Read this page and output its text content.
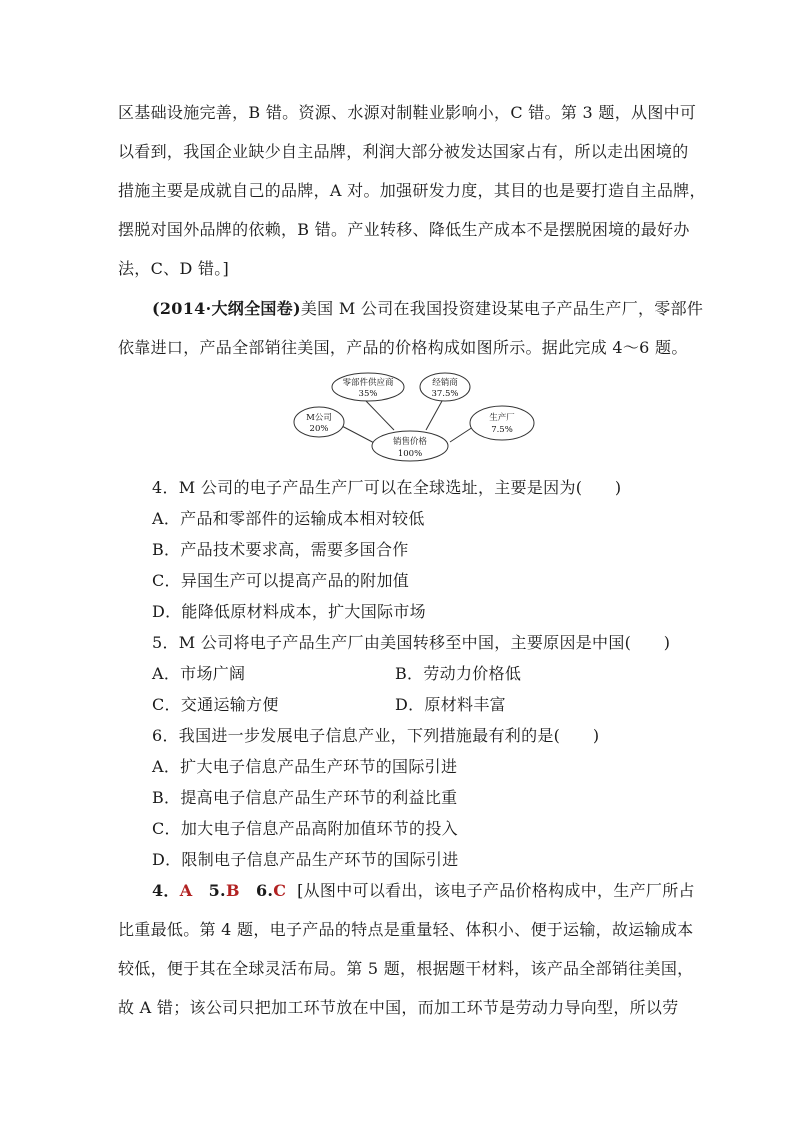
区基础设施完善，B 错。资源、水源对制鞋业影响小，C 错。第 3 题，从图中可
以看到，我国企业缺少自主品牌，利润大部分被发达国家占有，所以走出困境的
措施主要是成就自己的品牌，A 对。加强研发力度，其目的也是要打造自主品牌，
摆脱对国外品牌的依赖，B 错。产业转移、降低生产成本不是摆脱困境的最好办
法，C、D 错。]
(2014·大纲全国卷)美国 M 公司在我国投资建设某电子产品生产厂，零部件
依靠进口，产品全部销往美国，产品的价格构成如图所示。据此完成 4～6 题。
零部件供应商
35%
经销商
37.5%
M公司
20%
生产厂
7.5%
销售价格
100%
4．M 公司的电子产品生产厂可以在全球选址，主要是因为(　　)
A．产品和零部件的运输成本相对较低
B．产品技术要求高，需要多国合作
C．异国生产可以提高产品的附加值
D．能降低原材料成本，扩大国际市场
5．M 公司将电子产品生产厂由美国转移至中国，主要原因是中国(　　)
A．市场广阔	B．劳动力价格低
C．交通运输方便	D．原材料丰富
6．我国进一步发展电子信息产业，下列措施最有利的是(　　)
A．扩大电子信息产品生产环节的国际引进
B．提高电子信息产品生产环节的利益比重
C．加大电子信息产品高附加值环节的投入
D．限制电子信息产品生产环节的国际引进
4．A 5.B 6.C [从图中可以看出，该电子产品价格构成中，生产厂所占
比重最低。第 4 题，电子产品的特点是重量轻、体积小、便于运输，故运输成本
较低，便于其在全球灵活布局。第 5 题，根据题干材料，该产品全部销往美国，
故 A 错；该公司只把加工环节放在中国，而加工环节是劳动力导向型，所以劳
